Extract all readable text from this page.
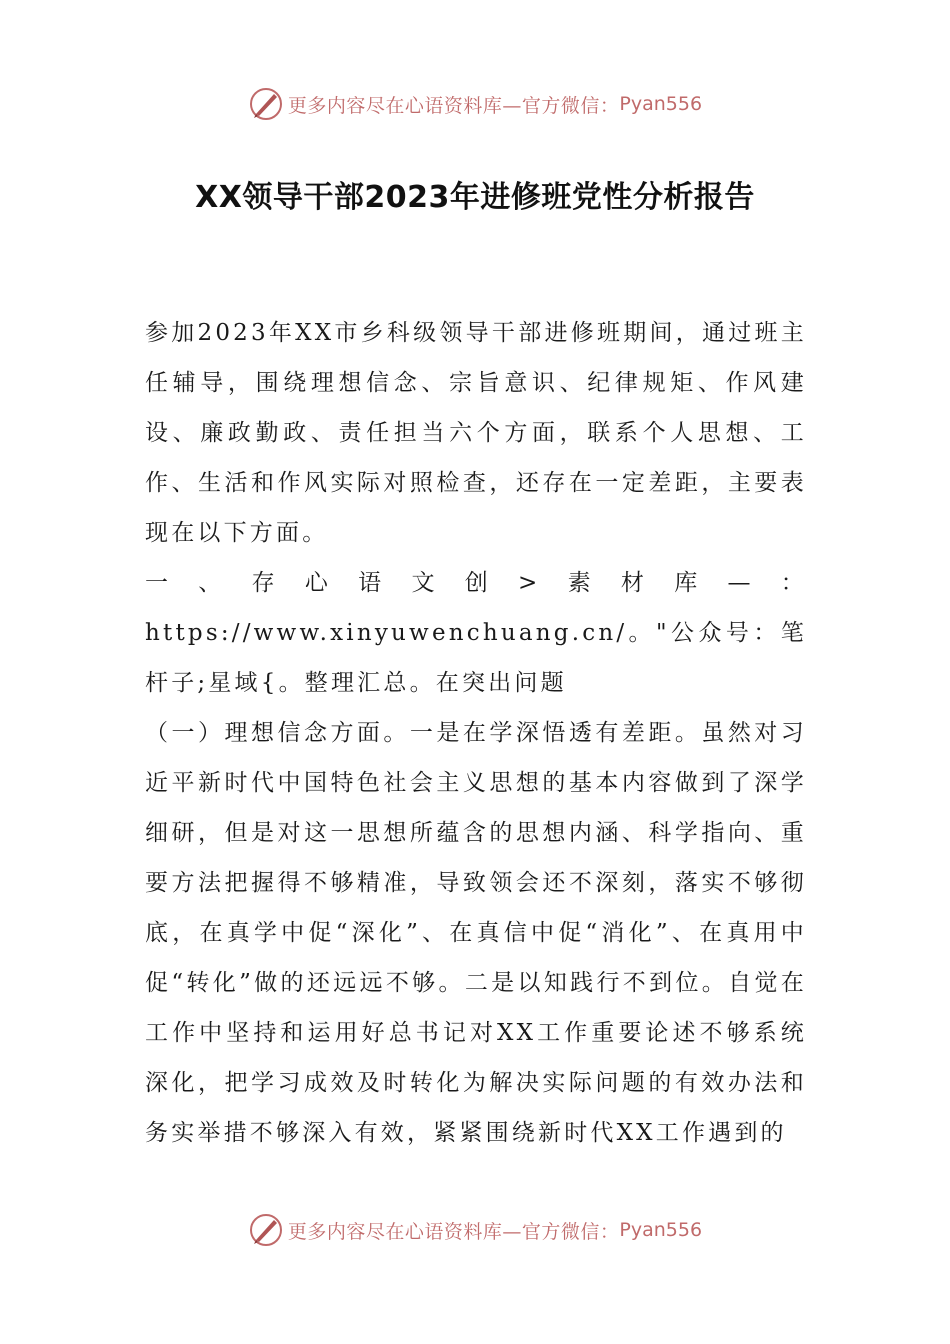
更多内容尽在心语资料库—官方微信： Pyan556
XX领导干部2023年进修班党性分析报告

参加2023年XX市乡科级领导干部进修班期间，通过班主任辅导，围绕理想信念、宗旨意识、纪律规矩、作风建设、廉政勤政、责任担当六个方面，联系个人思想、工作、生活和作风实际对照检查，还存在一定差距，主要表现在以下方面。

一、存心语文创>素材库—：https://www.xinyuwenchuang.cn/。"公众号：笔杆子;星域{。整理汇总。在突出问题

（一）理想信念方面。一是在学深悟透有差距。虽然对习近平新时代中国特色社会主义思想的基本内容做到了深学细研，但是对这一思想所蕴含的思想内涵、科学指向、重要方法把握得不够精准，导致领会还不深刻，落实不够彻底，在真学中促“深化”、在真信中促“消化”、在真用中促“转化”做的还远远不够。二是以知践行不到位。自觉在工作中坚持和运用好总书记对XX工作重要论述不够系统深化，把学习成效及时转化为解决实际问题的有效办法和务实举措不够深入有效，紧紧围绕新时代XX工作遇到的

更多内容尽在心语资料库—官方微信： Pyan556
